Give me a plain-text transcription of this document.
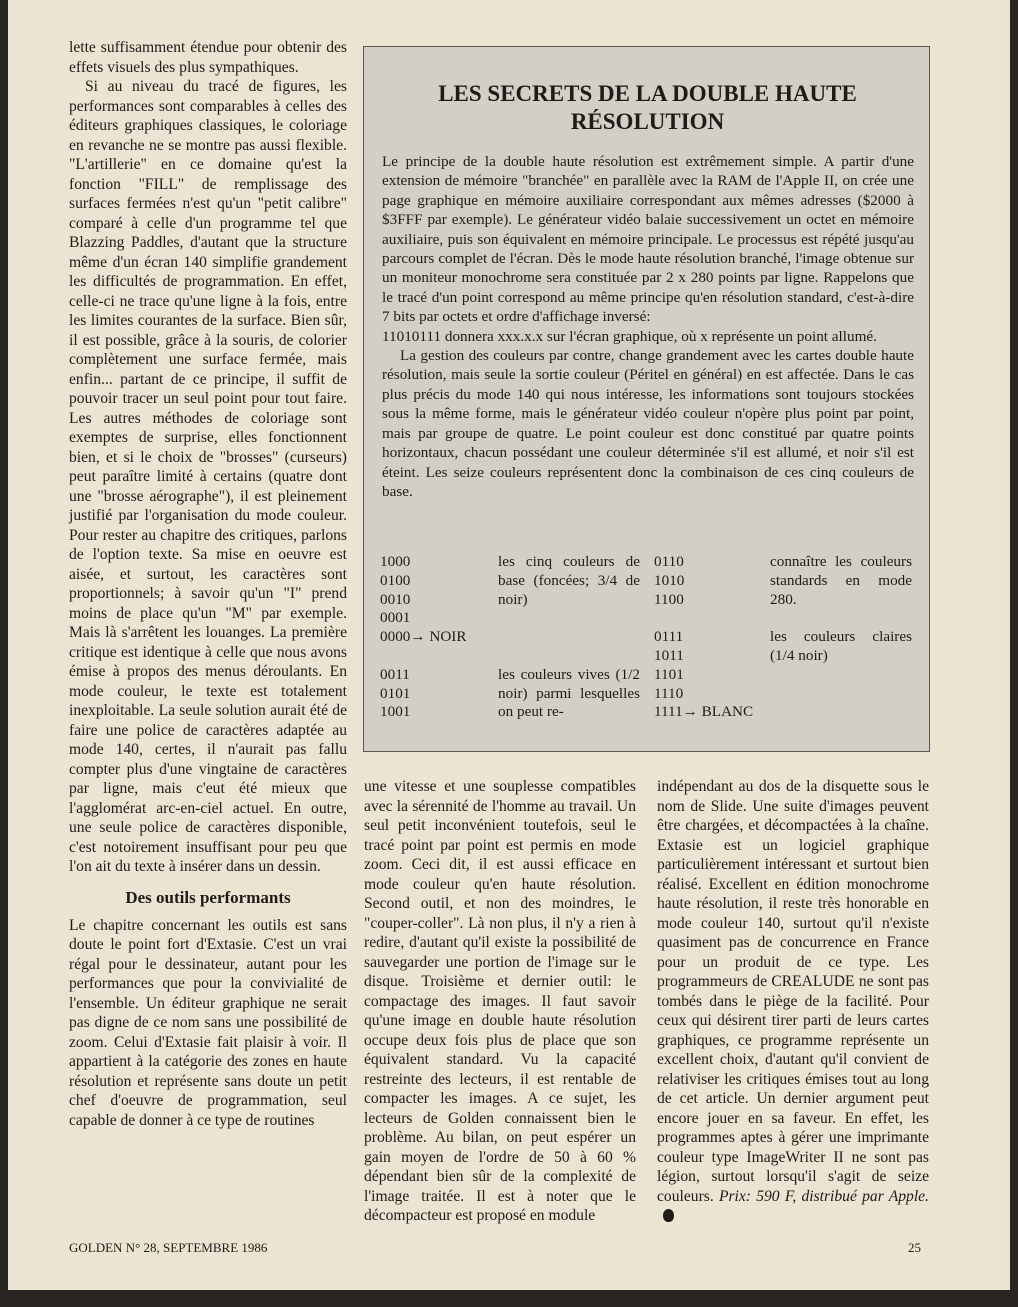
lette suffisamment étendue pour obtenir des effets visuels des plus sympathiques.

Si au niveau du tracé de figures, les performances sont comparables à celles des éditeurs graphiques classiques, le coloriage en revanche ne se montre pas aussi flexible. "L'artillerie" en ce domaine qu'est la fonction "FILL" de remplissage des surfaces fermées n'est qu'un "petit calibre" comparé à celle d'un programme tel que Blazzing Paddles, d'autant que la structure même d'un écran 140 simplifie grandement les difficultés de programmation. En effet, celle-ci ne trace qu'une ligne à la fois, entre les limites courantes de la surface. Bien sûr, il est possible, grâce à la souris, de colorier complètement une surface fermée, mais enfin... partant de ce principe, il suffit de pouvoir tracer un seul point pour tout faire. Les autres méthodes de coloriage sont exemptes de surprise, elles fonctionnent bien, et si le choix de "brosses" (curseurs) peut paraître limité à certains (quatre dont une "brosse aérographe"), il est pleinement justifié par l'organisation du mode couleur. Pour rester au chapitre des critiques, parlons de l'option texte. Sa mise en oeuvre est aisée, et surtout, les caractères sont proportionnels; à savoir qu'un "I" prend moins de place qu'un "M" par exemple. Mais là s'arrêtent les louanges. La première critique est identique à celle que nous avons émise à propos des menus déroulants. En mode couleur, le texte est totalement inexploitable. La seule solution aurait été de faire une police de caractères adaptée au mode 140, certes, il n'aurait pas fallu compter plus d'une vingtaine de caractères par ligne, mais c'eut été mieux que l'agglomérat arc-en-ciel actuel. En outre, une seule police de caractères disponible, c'est notoirement insuffisant pour peu que l'on ait du texte à insérer dans un dessin.

Des outils performants

Le chapitre concernant les outils est sans doute le point fort d'Extasie. C'est un vrai régal pour le dessinateur, autant pour les performances que pour la convivialité de l'ensemble. Un éditeur graphique ne serait pas digne de ce nom sans une possibilité de zoom. Celui d'Extasie fait plaisir à voir. Il appartient à la catégorie des zones en haute résolution et représente sans doute un petit chef d'oeuvre de programmation, seul capable de donner à ce type de routines

LES SECRETS DE LA DOUBLE HAUTE RÉSOLUTION

Le principe de la double haute résolution est extrêmement simple. A partir d'une extension de mémoire "branchée" en parallèle avec la RAM de l'Apple II, on crée une page graphique en mémoire auxiliaire correspondant aux mêmes adresses ($2000 à $3FFF par exemple). Le générateur vidéo balaie successivement un octet en mémoire auxiliaire, puis son équivalent en mémoire principale. Le processus est répété jusqu'au parcours complet de l'écran. Dès le mode haute résolution branché, l'image obtenue sur un moniteur monochrome sera constituée par 2 x 280 points par ligne. Rappelons que le tracé d'un point correspond au même principe qu'en résolution standard, c'est-à-dire 7 bits par octets et ordre d'affichage inversé:

11010111 donnera xxx.x.x sur l'écran graphique, où x représente un point allumé.

La gestion des couleurs par contre, change grandement avec les cartes double haute résolution, mais seule la sortie couleur (Péritel en général) en est affectée. Dans le cas plus précis du mode 140 qui nous intéresse, les informations sont toujours stockées sous la même forme, mais le générateur vidéo couleur n'opère plus point par point, mais par groupe de quatre. Le point couleur est donc constitué par quatre points horizontaux, chacun possédant une couleur déterminée s'il est allumé, et noir s'il est éteint. Les seize couleurs représentent donc la combinaison de ces cinq couleurs de base.

1000
0100
0010
0001
0000→ NOIR
0011
0101
1001
les cinq couleurs de base (foncées; 3/4 de noir)
les couleurs vives (1/2 noir) parmi lesquelles on peut re-
0110
1010
1100
0111
1011
1101
1110
1111→ BLANC
connaître les couleurs standards en mode 280.
les couleurs claires (1/4 noir)

une vitesse et une souplesse compatibles avec la sérennité de l'homme au travail. Un seul petit inconvénient toutefois, seul le tracé point par point est permis en mode zoom. Ceci dit, il est aussi efficace en mode couleur qu'en haute résolution. Second outil, et non des moindres, le "couper-coller". Là non plus, il n'y a rien à redire, d'autant qu'il existe la possibilité de sauvegarder une portion de l'image sur le disque. Troisième et dernier outil: le compactage des images. Il faut savoir qu'une image en double haute résolution occupe deux fois plus de place que son équivalent standard. Vu la capacité restreinte des lecteurs, il est rentable de compacter les images. A ce sujet, les lecteurs de Golden connaissent bien le problème. Au bilan, on peut espérer un gain moyen de l'ordre de 50 à 60 % dépendant bien sûr de la complexité de l'image traitée. Il est à noter que le décompacteur est proposé en module

indépendant au dos de la disquette sous le nom de Slide. Une suite d'images peuvent être chargées, et décompactées à la chaîne. Extasie est un logiciel graphique particulièrement intéressant et surtout bien réalisé. Excellent en édition monochrome haute résolution, il reste très honorable en mode couleur 140, surtout qu'il n'existe quasiment pas de concurrence en France pour un produit de ce type. Les programmeurs de CREALUDE ne sont pas tombés dans le piège de la facilité. Pour ceux qui désirent tirer parti de leurs cartes graphiques, ce programme représente un excellent choix, d'autant qu'il convient de relativiser les critiques émises tout au long de cet article. Un dernier argument peut encore jouer en sa faveur. En effet, les programmes aptes à gérer une imprimante couleur type ImageWriter II ne sont pas légion, surtout lorsqu'il s'agit de seize couleurs. Prix: 590 F, distribué par Apple.

GOLDEN N° 28, SEPTEMBRE 1986	25
